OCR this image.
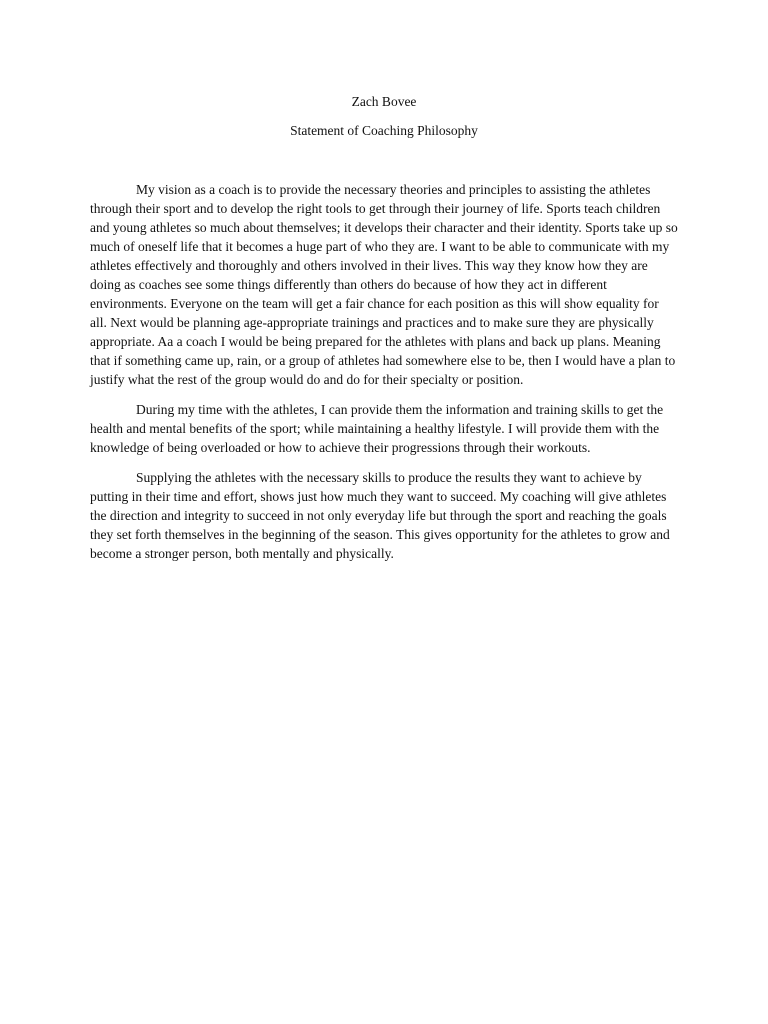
Zach Bovee
Statement of Coaching Philosophy

My vision as a coach is to provide the necessary theories and principles to assisting the athletes through their sport and to develop the right tools to get through their journey of life. Sports teach children and young athletes so much about themselves; it develops their character and their identity. Sports take up so much of oneself life that it becomes a huge part of who they are. I want to be able to communicate with my athletes effectively and thoroughly and others involved in their lives. This way they know how they are doing as coaches see some things differently than others do because of how they act in different environments. Everyone on the team will get a fair chance for each position as this will show equality for all. Next would be planning age-appropriate trainings and practices and to make sure they are physically appropriate. Aa a coach I would be being prepared for the athletes with plans and back up plans. Meaning that if something came up, rain, or a group of athletes had somewhere else to be, then I would have a plan to justify what the rest of the group would do and do for their specialty or position.

During my time with the athletes, I can provide them the information and training skills to get the health and mental benefits of the sport; while maintaining a healthy lifestyle. I will provide them with the knowledge of being overloaded or how to achieve their progressions through their workouts.

Supplying the athletes with the necessary skills to produce the results they want to achieve by putting in their time and effort, shows just how much they want to succeed. My coaching will give athletes the direction and integrity to succeed in not only everyday life but through the sport and reaching the goals they set forth themselves in the beginning of the season. This gives opportunity for the athletes to grow and become a stronger person, both mentally and physically.
